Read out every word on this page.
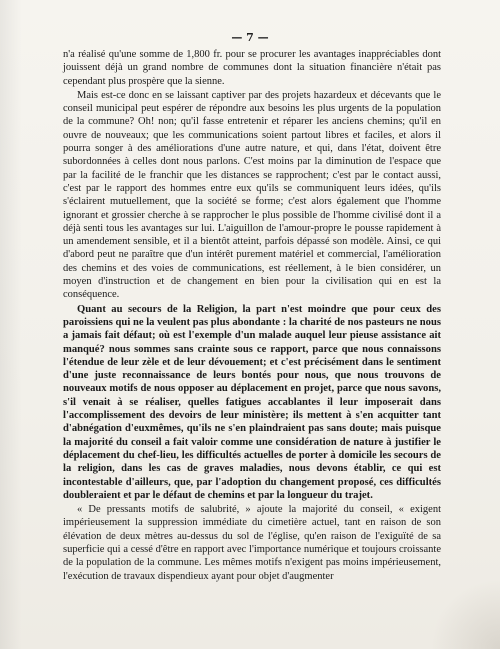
— 7 —

n'a réalisé qu'une somme de 1,800 fr. pour se procurer les avantages inappréciables dont jouissent déjà un grand nombre de communes dont la situation financière n'était pas cependant plus prospère que la sienne.

Mais est-ce donc en se laissant captiver par des projets hazardeux et décevants que le conseil municipal peut espérer de répondre aux besoins les plus urgents de la population de la commune? Oh! non; qu'il fasse entretenir et réparer les anciens chemins; qu'il en ouvre de nouveaux; que les communications soient partout libres et faciles, et alors il pourra songer à des améliorations d'une autre nature, et qui, dans l'état, doivent être subordonnées à celles dont nous parlons. C'est moins par la diminution de l'espace que par la facilité de le franchir que les distances se rapprochent; c'est par le contact aussi, c'est par le rapport des hommes entre eux qu'ils se communiquent leurs idées, qu'ils s'éclairent mutuellement, que la société se forme; c'est alors également que l'homme ignorant et grossier cherche à se rapprocher le plus possible de l'homme civilisé dont il a déjà senti tous les avantages sur lui. L'aiguillon de l'amour-propre le pousse rapidement à un amendement sensible, et il a bientôt atteint, parfois dépassé son modèle. Ainsi, ce qui d'abord peut ne paraître que d'un intérêt purement matériel et commercial, l'amélioration des chemins et des voies de communications, est réellement, à le bien considérer, un moyen d'instruction et de changement en bien pour la civilisation qui en est la conséquence.

Quant au secours de la Religion, la part n'est moindre que pour ceux des paroissiens qui ne la veulent pas plus abondante : la charité de nos pasteurs ne nous a jamais fait défaut; où est l'exemple d'un malade auquel leur pieuse assistance ait manqué? nous sommes sans crainte sous ce rapport, parce que nous connaissons l'étendue de leur zèle et de leur dévouement; et c'est précisément dans le sentiment d'une juste reconnaissance de leurs bontés pour nous, que nous trouvons de nouveaux motifs de nous opposer au déplacement en projet, parce que nous savons, s'il venait à se réaliser, quelles fatigues accablantes il leur imposerait dans l'accomplissement des devoirs de leur ministère; ils mettent à s'en acquitter tant d'abnégation d'euxmêmes, qu'ils ne s'en plaindraient pas sans doute; mais puisque la majorité du conseil a fait valoir comme une considération de nature à justifier le déplacement du chef-lieu, les difficultés actuelles de porter à domicile les secours de la religion, dans les cas de graves maladies, nous devons établir, ce qui est incontestable d'ailleurs, que, par l'adoption du changement proposé, ces difficultés doubleraient et par le défaut de chemins et par la longueur du trajet.

« De pressants motifs de salubrité, » ajoute la majorité du conseil, « exigent impérieusement la suppression immédiate du cimetière actuel, tant en raison de son élévation de deux mètres au-dessus du sol de l'église, qu'en raison de l'exiguïté de sa superficie qui a cessé d'être en rapport avec l'importance numérique et toujours croissante de la population de la commune. Les mêmes motifs n'exigent pas moins impérieusement, l'exécution de travaux dispendieux ayant pour objet d'augmenter
